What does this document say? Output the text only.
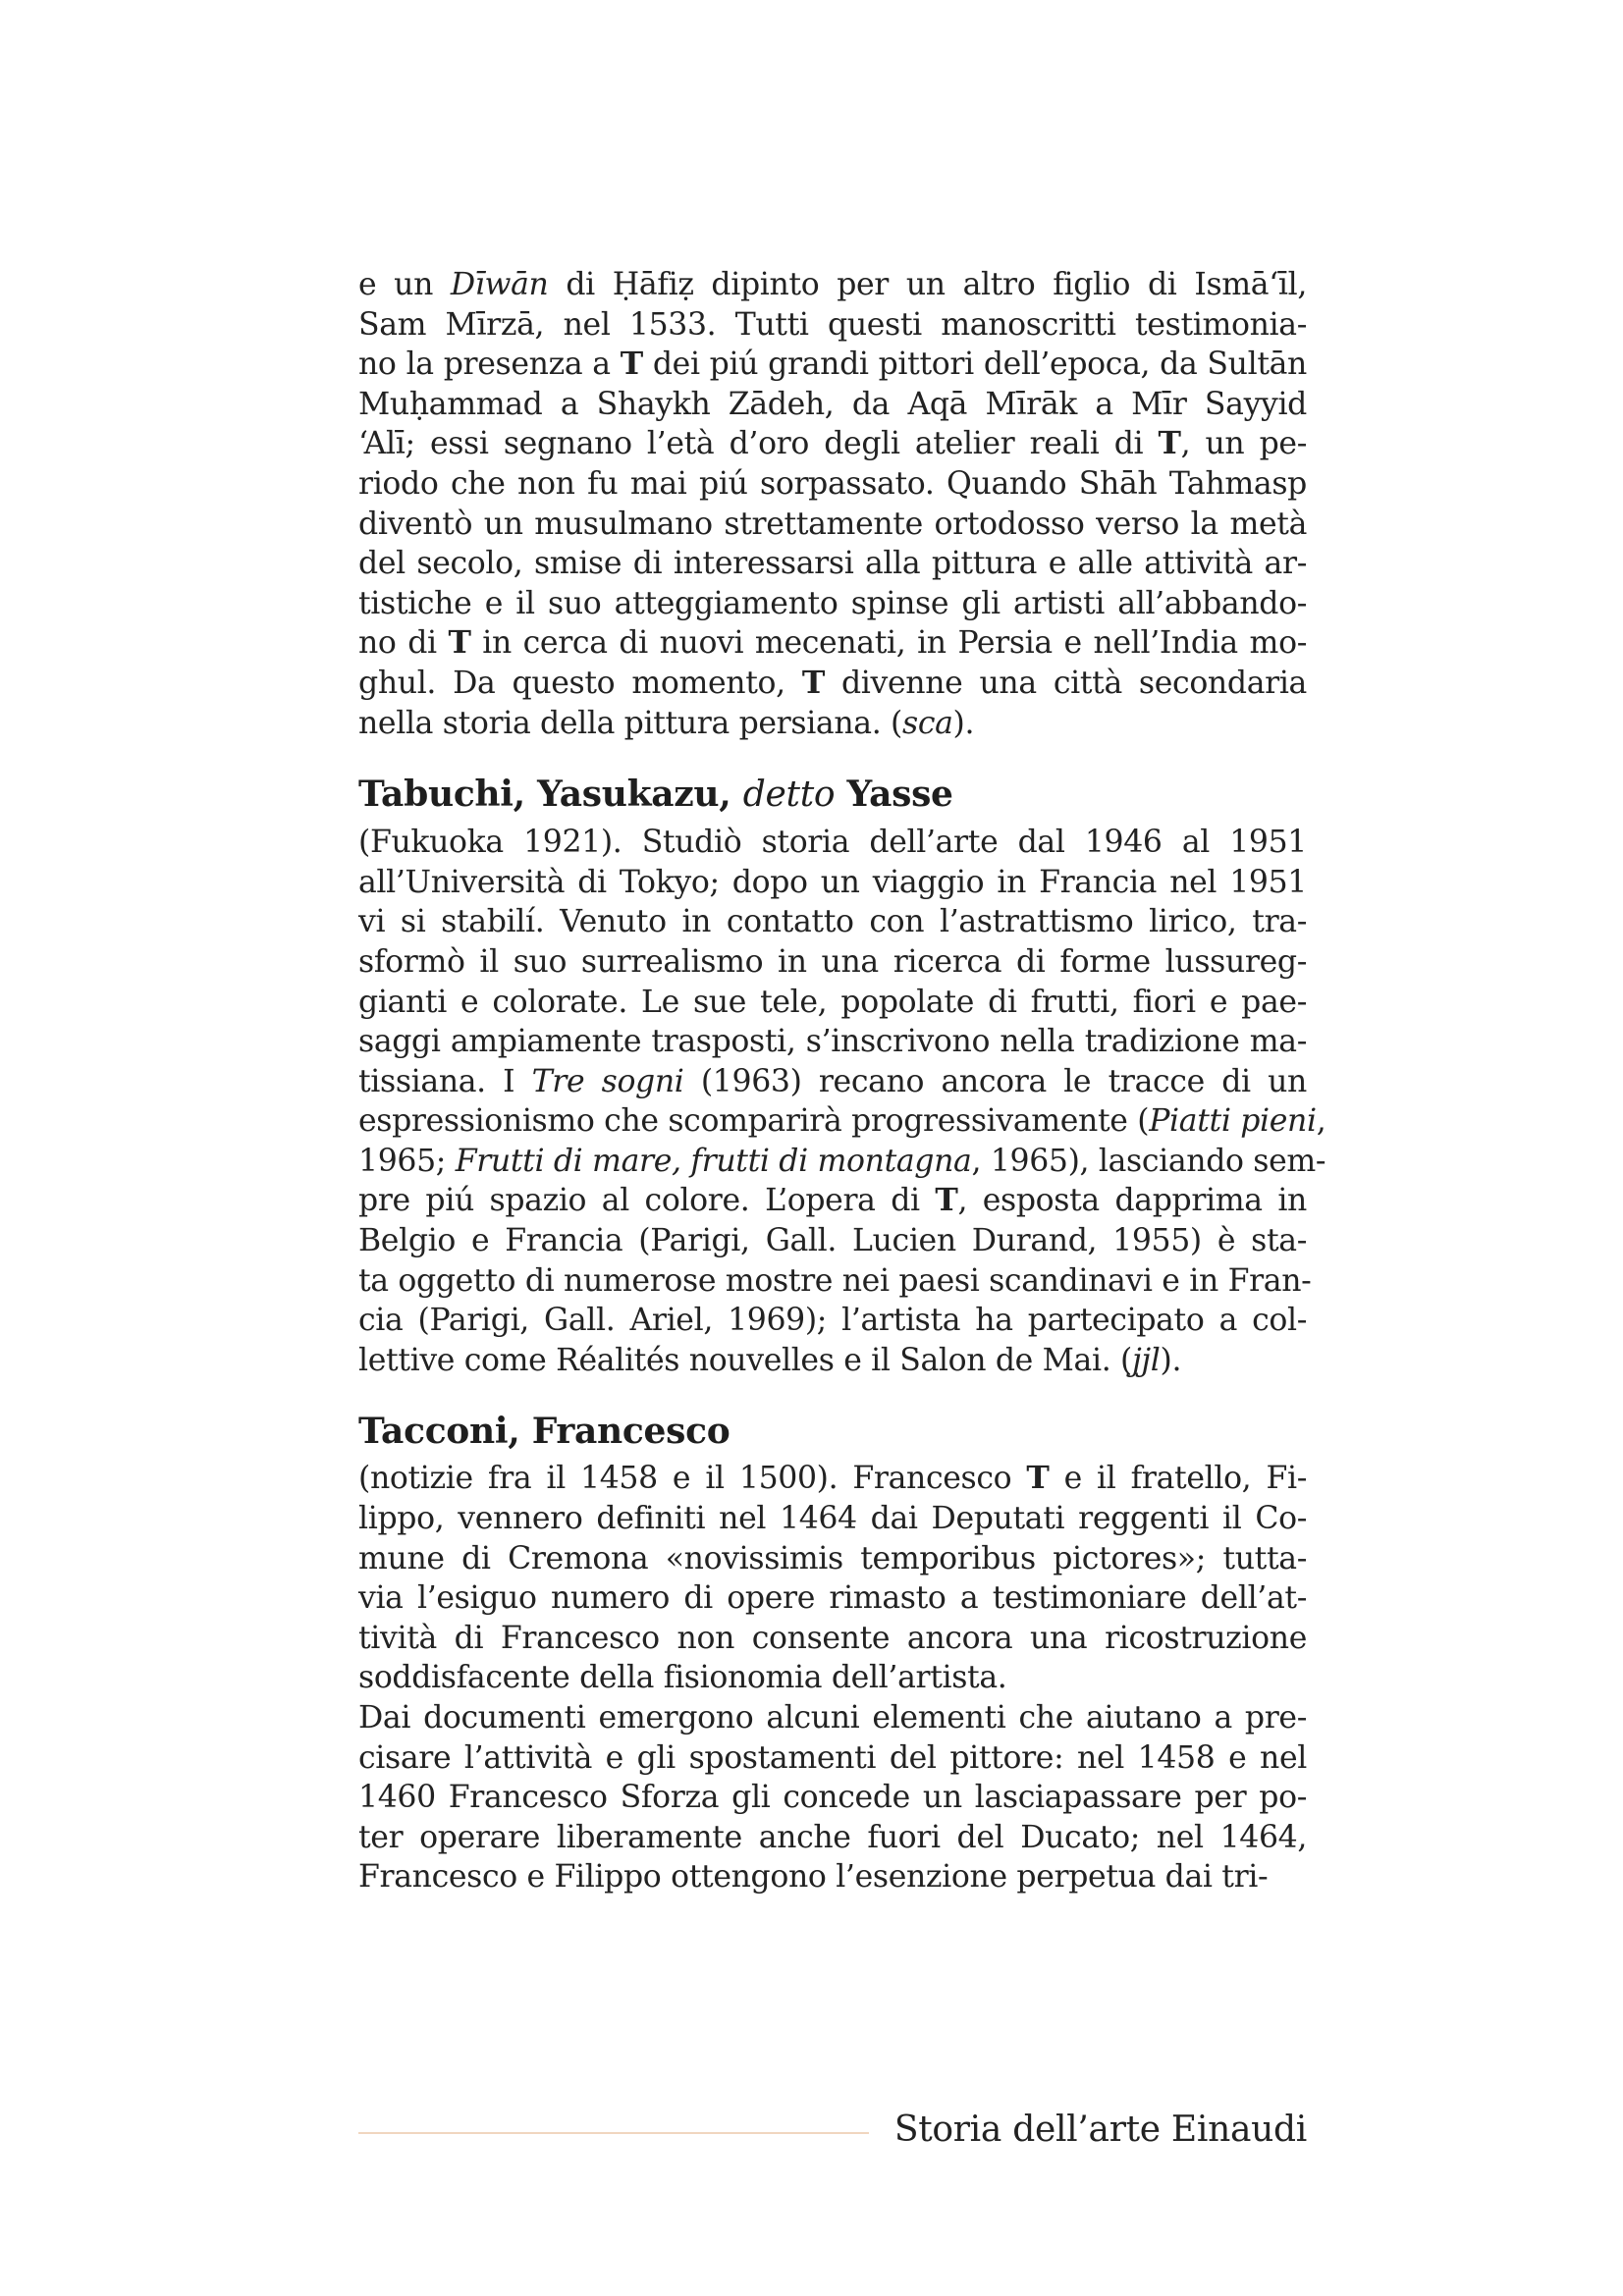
e un Dīwān di Ḥāfiẓ dipinto per un altro figlio di Ismā‘īl,
Sam Mīrzā, nel 1533. Tutti questi manoscritti testimonia-
no la presenza a T dei piú grandi pittori dell’epoca, da Sultān
Muḥammad a Shaykh Zādeh, da Aqā Mīrāk a Mīr Sayyid
‘Alī; essi segnano l’età d’oro degli atelier reali di T, un pe-
riodo che non fu mai piú sorpassato. Quando Shāh Tahmasp
diventò un musulmano strettamente ortodosso verso la metà
del secolo, smise di interessarsi alla pittura e alle attività ar-
tistiche e il suo atteggiamento spinse gli artisti all’abbando-
no di T in cerca di nuovi mecenati, in Persia e nell’India mo-
ghul. Da questo momento, T divenne una città secondaria
nella storia della pittura persiana. (sca).

Tabuchi, Yasukazu, detto Yasse

(Fukuoka 1921). Studiò storia dell’arte dal 1946 al 1951
all’Università di Tokyo; dopo un viaggio in Francia nel 1951
vi si stabilí. Venuto in contatto con l’astrattismo lirico, tra-
sformò il suo surrealismo in una ricerca di forme lussureg-
gianti e colorate. Le sue tele, popolate di frutti, fiori e pae-
saggi ampiamente trasposti, s’inscrivono nella tradizione ma-
tissiana. I Tre sogni (1963) recano ancora le tracce di un
espressionismo che scomparirà progressivamente (Piatti pieni,
1965; Frutti di mare, frutti di montagna, 1965), lasciando sem-
pre piú spazio al colore. L’opera di T, esposta dapprima in
Belgio e Francia (Parigi, Gall. Lucien Durand, 1955) è sta-
ta oggetto di numerose mostre nei paesi scandinavi e in Fran-
cia (Parigi, Gall. Ariel, 1969); l’artista ha partecipato a col-
lettive come Réalités nouvelles e il Salon de Mai. (jjl).

Tacconi, Francesco

(notizie fra il 1458 e il 1500). Francesco T e il fratello, Fi-
lippo, vennero definiti nel 1464 dai Deputati reggenti il Co-
mune di Cremona «novissimis temporibus pictores»; tutta-
via l’esiguo numero di opere rimasto a testimoniare dell’at-
tività di Francesco non consente ancora una ricostruzione
soddisfacente della fisionomia dell’artista.

Dai documenti emergono alcuni elementi che aiutano a pre-
cisare l’attività e gli spostamenti del pittore: nel 1458 e nel
1460 Francesco Sforza gli concede un lasciapassare per po-
ter operare liberamente anche fuori del Ducato; nel 1464,
Francesco e Filippo ottengono l’esenzione perpetua dai tri-

Storia dell’arte Einaudi
